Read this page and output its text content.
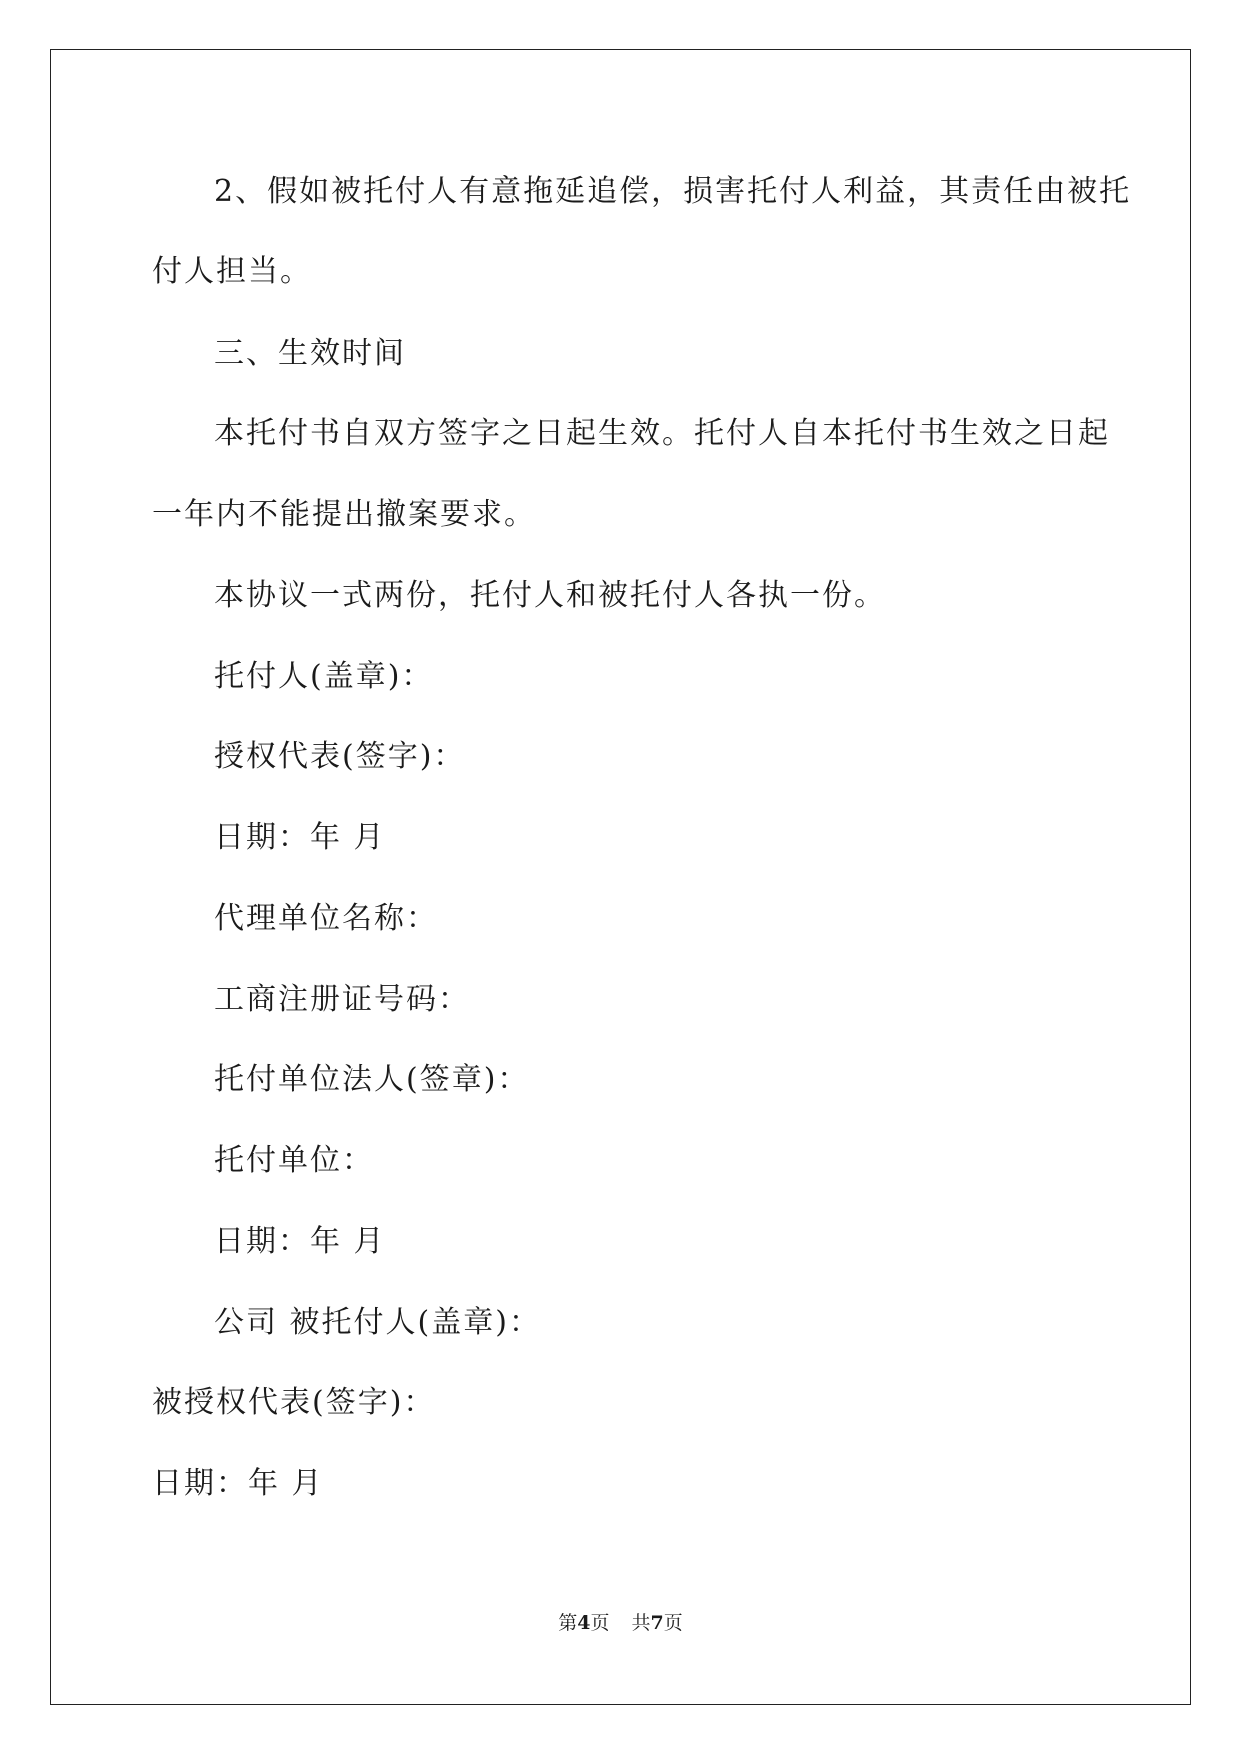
2、假如被托付人有意拖延追偿，损害托付人利益，其责任由被托
付人担当。
三、生效时间
本托付书自双方签字之日起生效。托付人自本托付书生效之日起
一年内不能提出撤案要求。
本协议一式两份，托付人和被托付人各执一份。
托付人(盖章)：
授权代表(签字)：
日期：年 月
代理单位名称：
工商注册证号码：
托付单位法人(签章)：
托付单位：
日期：年 月
公司 被托付人(盖章)：
被授权代表(签字)：
日期：年 月
第4页 共7页
